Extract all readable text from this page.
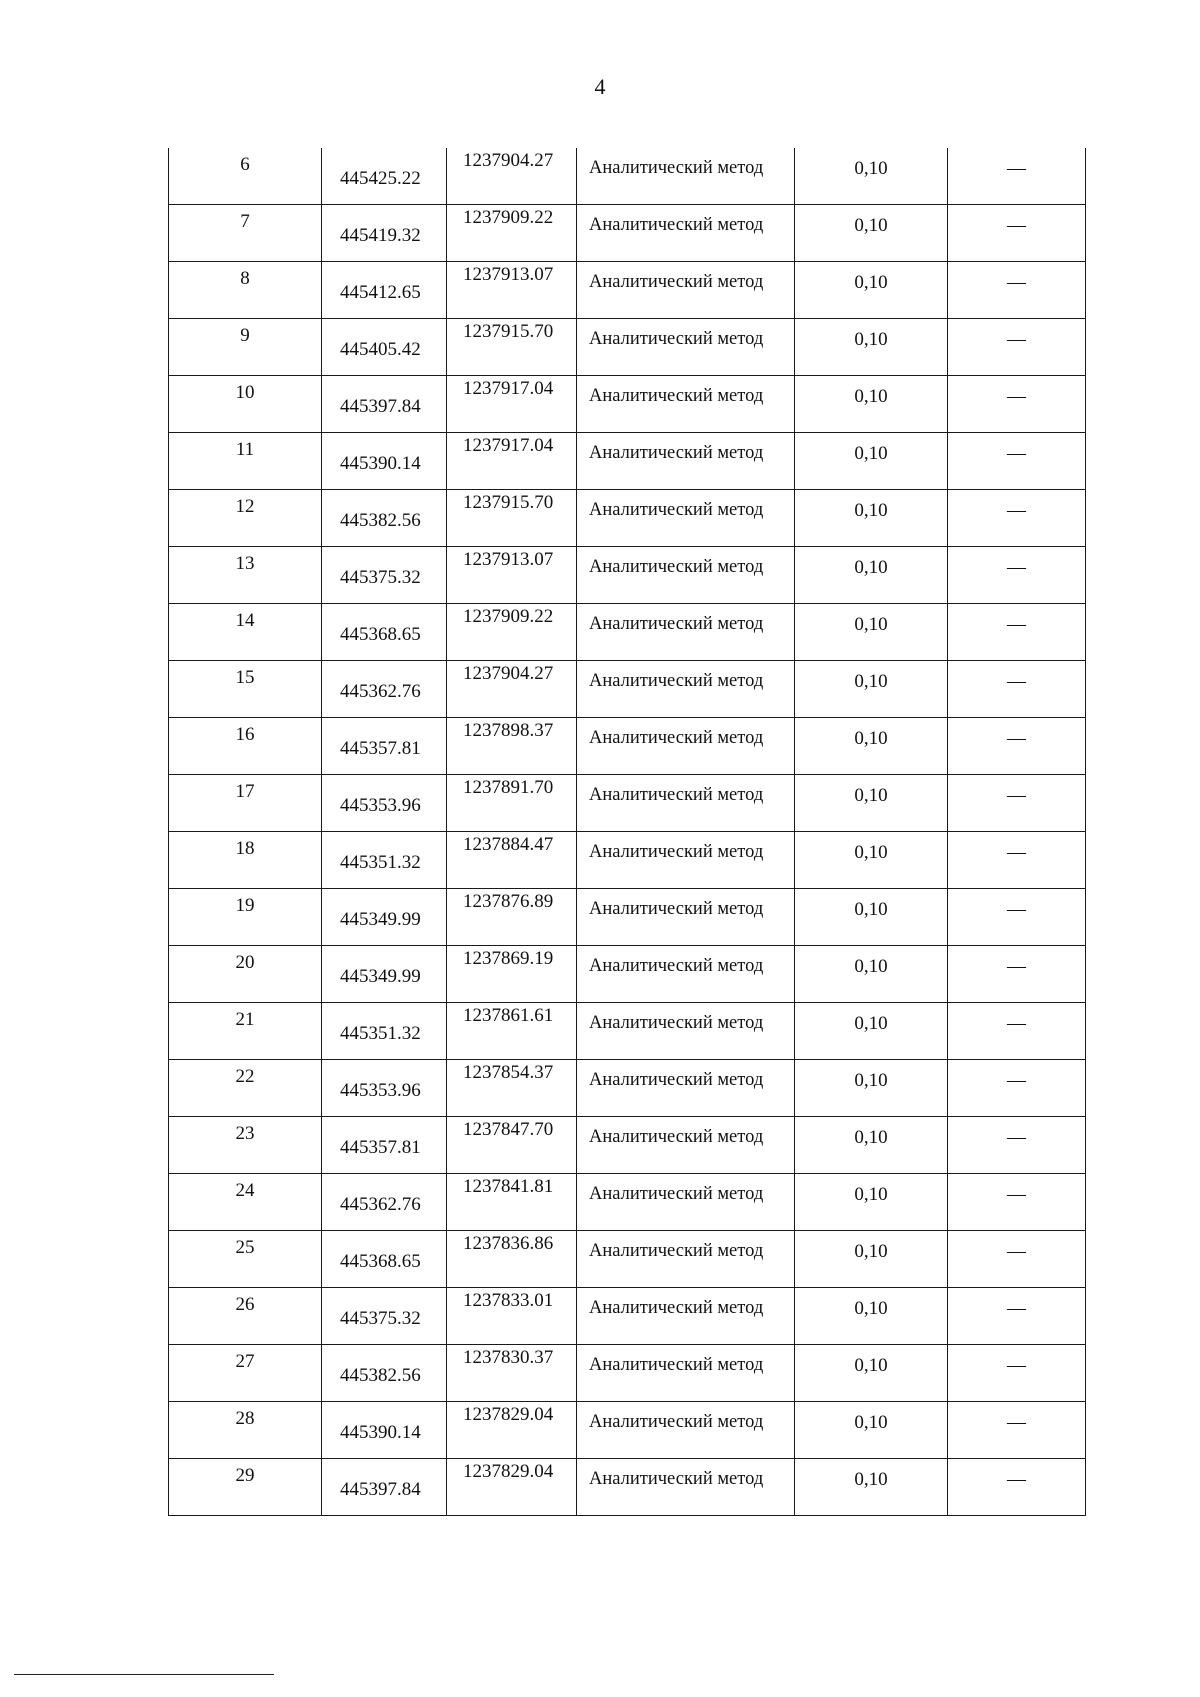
4
6	445425.22	1237904.27	Аналитический метод	0,10	—

7	445419.32	1237909.22	Аналитический метод	0,10	—

8	445412.65	1237913.07	Аналитический метод	0,10	—

9	445405.42	1237915.70	Аналитический метод	0,10	—

10	445397.84	1237917.04	Аналитический метод	0,10	—

11	445390.14	1237917.04	Аналитический метод	0,10	—

12	445382.56	1237915.70	Аналитический метод	0,10	—

13	445375.32	1237913.07	Аналитический метод	0,10	—

14	445368.65	1237909.22	Аналитический метод	0,10	—

15	445362.76	1237904.27	Аналитический метод	0,10	—

16	445357.81	1237898.37	Аналитический метод	0,10	—

17	445353.96	1237891.70	Аналитический метод	0,10	—

18	445351.32	1237884.47	Аналитический метод	0,10	—

19	445349.99	1237876.89	Аналитический метод	0,10	—

20	445349.99	1237869.19	Аналитический метод	0,10	—

21	445351.32	1237861.61	Аналитический метод	0,10	—

22	445353.96	1237854.37	Аналитический метод	0,10	—

23	445357.81	1237847.70	Аналитический метод	0,10	—

24	445362.76	1237841.81	Аналитический метод	0,10	—

25	445368.65	1237836.86	Аналитический метод	0,10	—

26	445375.32	1237833.01	Аналитический метод	0,10	—

27	445382.56	1237830.37	Аналитический метод	0,10	—

28	445390.14	1237829.04	Аналитический метод	0,10	—

29	445397.84	1237829.04	Аналитический метод	0,10	—
